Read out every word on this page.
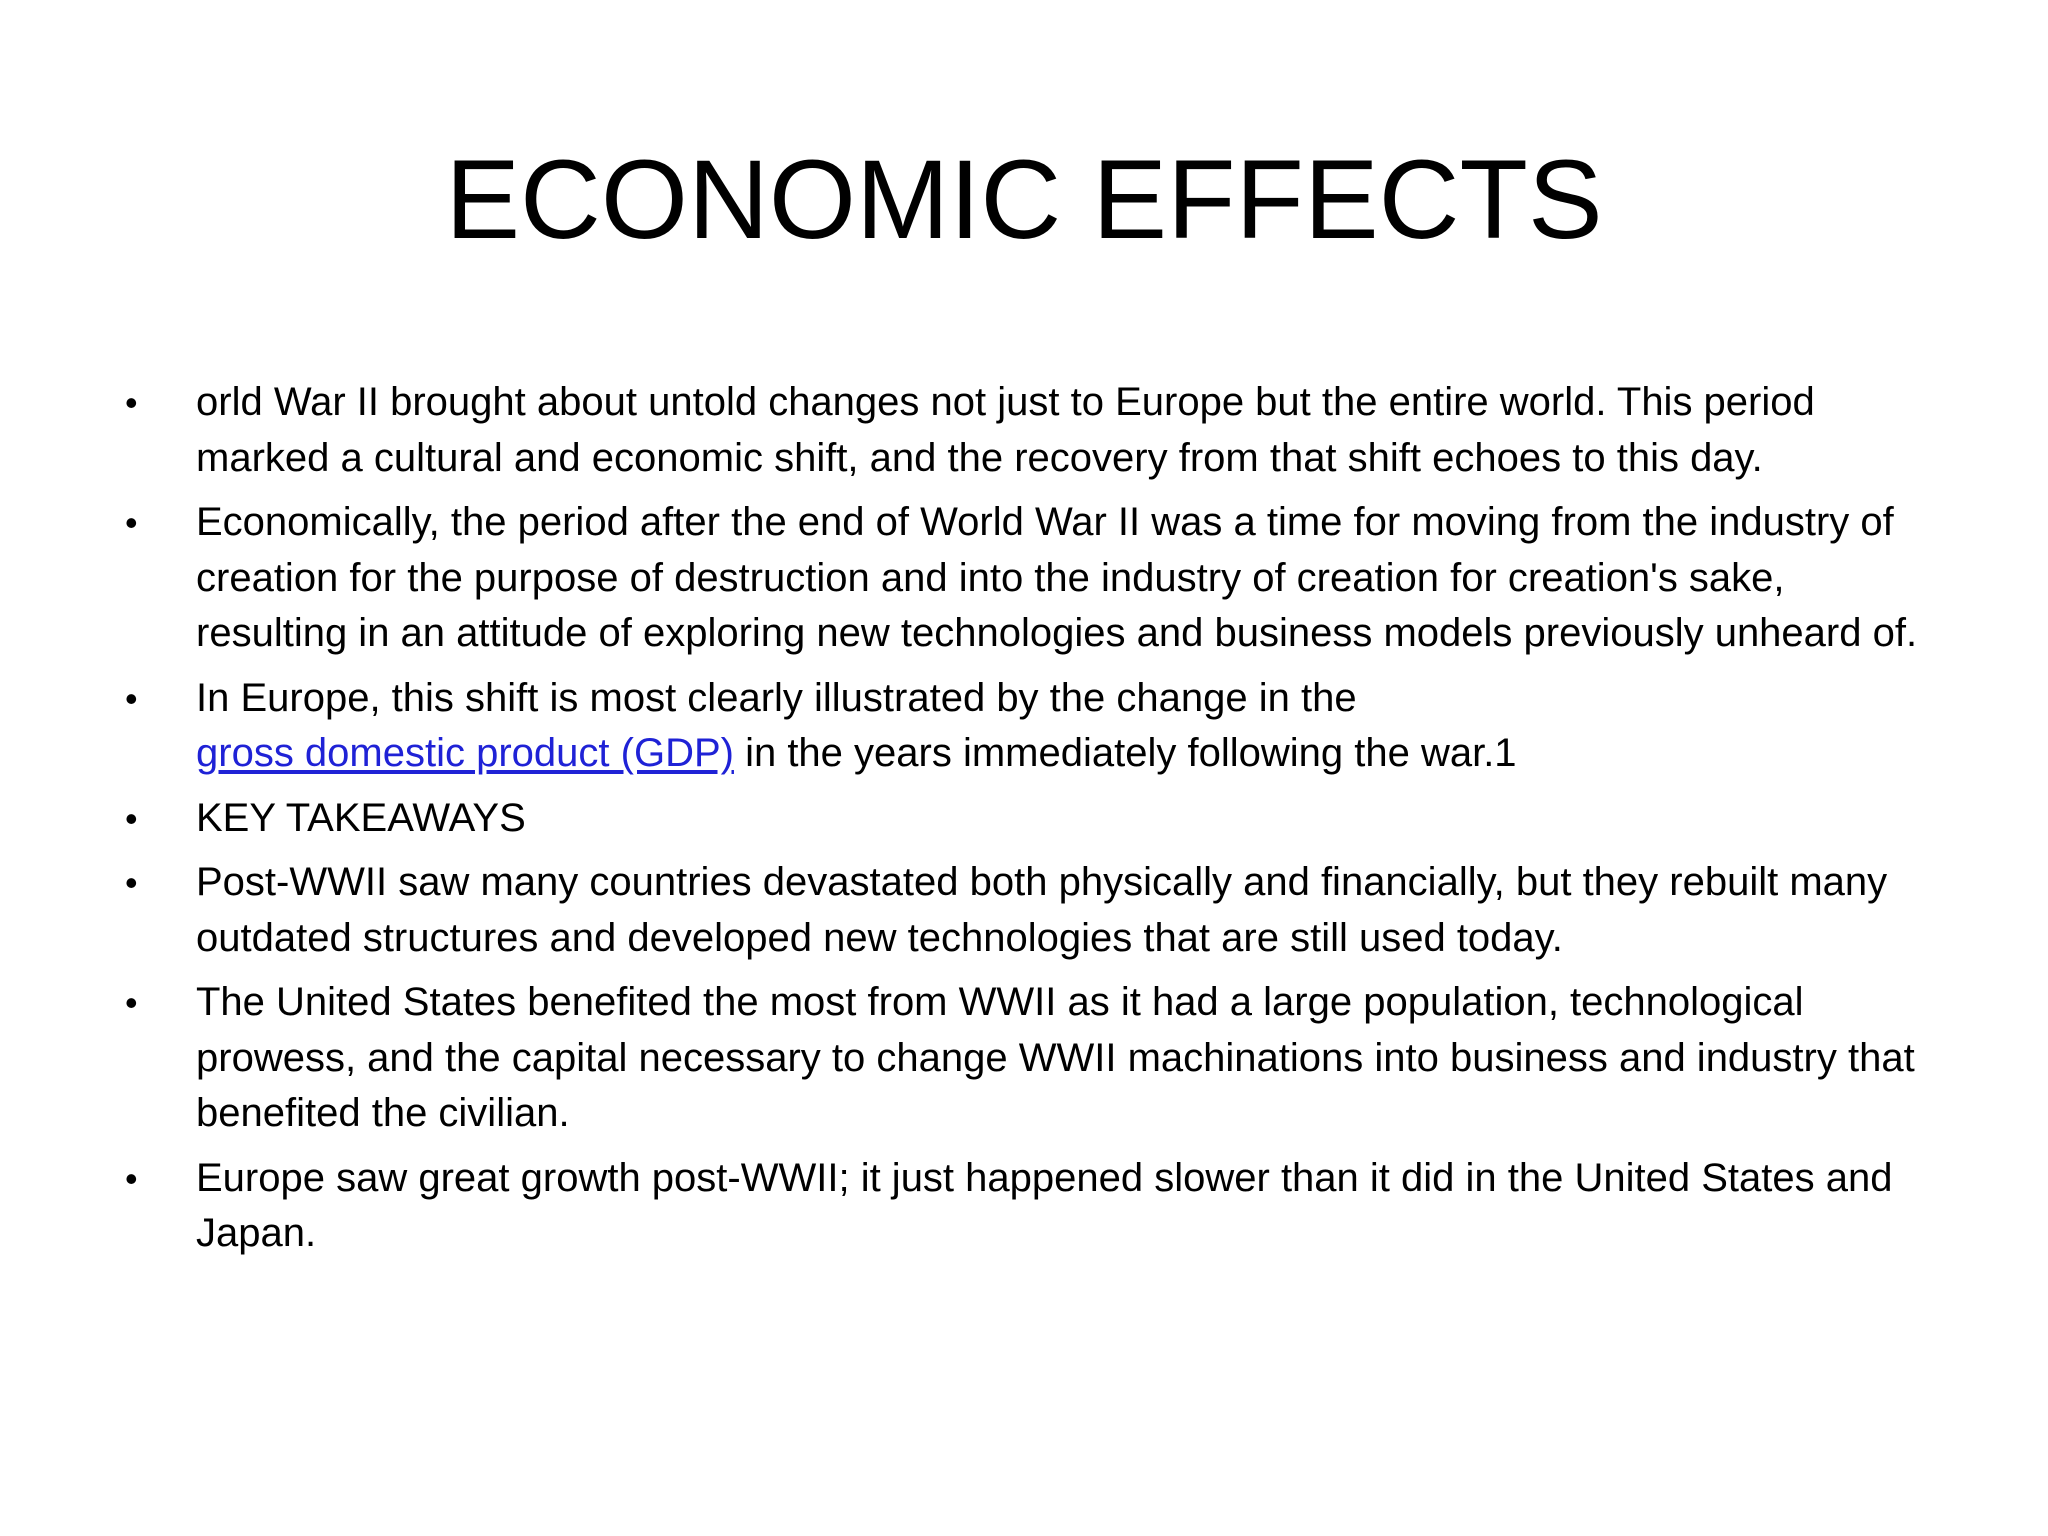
ECONOMIC EFFECTS
• orld War II brought about untold changes not just to Europe but the entire world. This period marked a cultural and economic shift, and the recovery from that shift echoes to this day.
• Economically, the period after the end of World War II was a time for moving from the industry of creation for the purpose of destruction and into the industry of creation for creation's sake, resulting in an attitude of exploring new technologies and business models previously unheard of.
• In Europe, this shift is most clearly illustrated by the change in the
gross domestic product (GDP) in the years immediately following the war.1
• KEY TAKEAWAYS
• Post-WWII saw many countries devastated both physically and financially, but they rebuilt many outdated structures and developed new technologies that are still used today.
• The United States benefited the most from WWII as it had a large population, technological prowess, and the capital necessary to change WWII machinations into business and industry that benefited the civilian.
• Europe saw great growth post-WWII; it just happened slower than it did in the United States and Japan.
